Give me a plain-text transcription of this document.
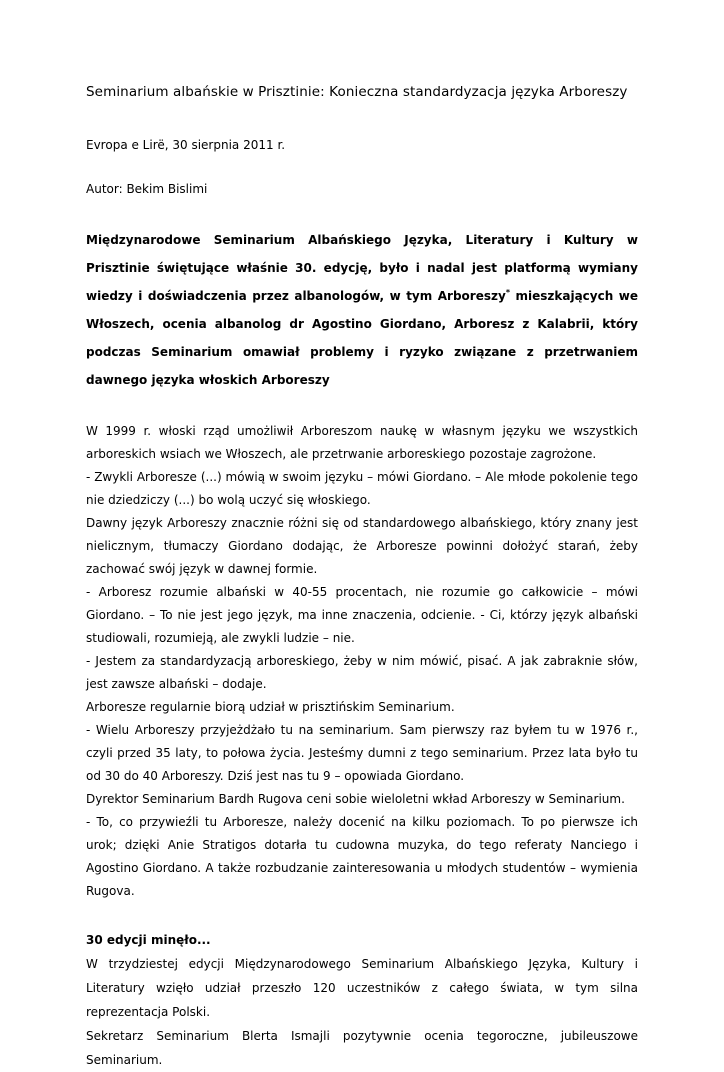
Seminarium albańskie w Prisztinie: Konieczna standardyzacja języka Arboreszy

Evropa e Lirë, 30 sierpnia 2011 r.

Autor: Bekim Bislimi

Międzynarodowe Seminarium Albańskiego Języka, Literatury i Kultury w Prisztinie świętujące właśnie 30. edycję, było i nadal jest platformą wymiany wiedzy i doświadczenia przez albanologów, w tym Arboreszy* mieszkających we Włoszech, ocenia albanolog dr Agostino Giordano, Arboresz z Kalabrii, który podczas Seminarium omawiał problemy i ryzyko związane z przetrwaniem dawnego języka włoskich Arboreszy

W 1999 r. włoski rząd umożliwił Arboreszom naukę w własnym języku we wszystkich arboreskich wsiach we Włoszech, ale przetrwanie arboreskiego pozostaje zagrożone.

- Zwykli Arboresze (...) mówią w swoim języku – mówi Giordano. – Ale młode pokolenie tego nie dziedziczy (...) bo wolą uczyć się włoskiego.

Dawny język Arboreszy znacznie różni się od standardowego albańskiego, który znany jest nielicznym, tłumaczy Giordano dodając, że Arboresze powinni dołożyć starań, żeby zachować swój język w dawnej formie.

- Arboresz rozumie albański w 40-55 procentach, nie rozumie go całkowicie – mówi Giordano. – To nie jest jego język, ma inne znaczenia, odcienie. - Ci, którzy język albański studiowali, rozumieją, ale zwykli ludzie – nie.

- Jestem za standardyzacją arboreskiego, żeby w nim mówić, pisać. A jak zabraknie słów, jest zawsze albański – dodaje.

Arboresze regularnie biorą udział w prisztińskim Seminarium.

- Wielu Arboreszy przyjeżdżało tu na seminarium. Sam pierwszy raz byłem tu w 1976 r., czyli przed 35 laty, to połowa życia. Jesteśmy dumni z tego seminarium. Przez lata było tu od 30 do 40 Arboreszy. Dziś jest nas tu 9 – opowiada Giordano.

Dyrektor Seminarium Bardh Rugova ceni sobie wieloletni wkład Arboreszy w Seminarium.

- To, co przywieźli tu Arboresze, należy docenić na kilku poziomach. To po pierwsze ich urok; dzięki Anie Stratigos dotarła tu cudowna muzyka, do tego referaty Nanciego i Agostino Giordano. A także rozbudzanie zainteresowania u młodych studentów – wymienia Rugova.

30 edycji minęło...

W trzydziestej edycji Międzynarodowego Seminarium Albańskiego Języka, Kultury i Literatury wzięło udział przeszło 120 uczestników z całego świata, w tym silna reprezentacja Polski.

Sekretarz Seminarium Blerta Ismajli pozytywnie ocenia tegoroczne, jubileuszowe Seminarium.
